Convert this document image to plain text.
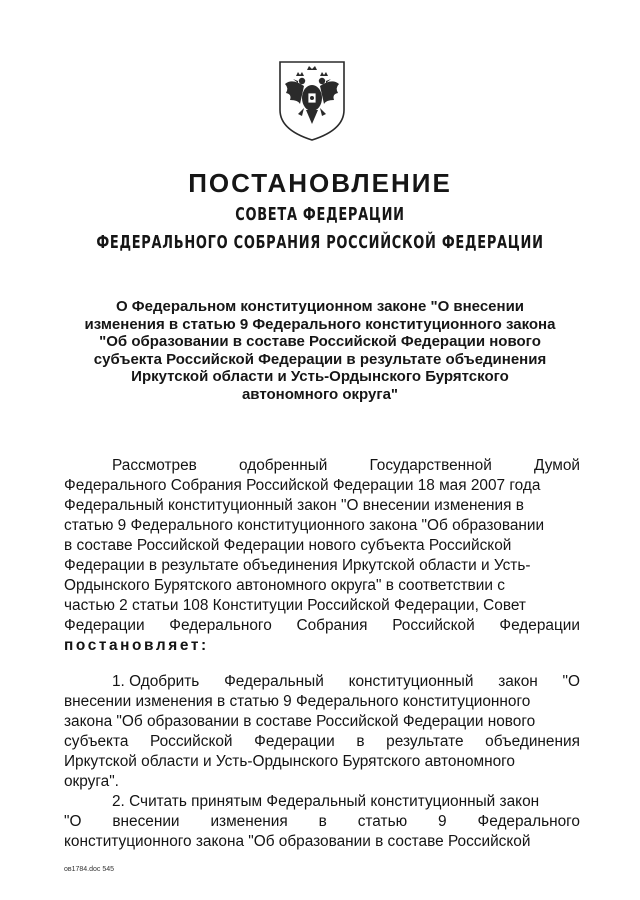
ПОСТАНОВЛЕНИЕ
СОВЕТА ФЕДЕРАЦИИ
ФЕДЕРАЛЬНОГО СОБРАНИЯ РОССИЙСКОЙ ФЕДЕРАЦИИ
О Федеральном конституционном законе "О внесении
изменения в статью 9 Федерального конституционного закона
"Об образовании в составе Российской Федерации нового
субъекта Российской Федерации в результате объединения
Иркутской области и Усть-Ордынского Бурятского
автономного округа"
Рассмотрев	одобренный	Государственной	Думой
Федерального Собрания Российской Федерации 18 мая 2007 года
Федеральный конституционный закон "О внесении изменения в
статью 9 Федерального конституционного закона "Об образовании
в составе Российской Федерации нового субъекта Российской
Федерации в результате объединения Иркутской области и Усть-
Ордынского Бурятского автономного округа" в соответствии с
частью 2 статьи 108 Конституции Российской Федерации, Совет
Федерации Федерального Собрания Российской Федерации
постановляет:
1. Одобрить Федеральный конституционный закон "О
внесении изменения в статью 9 Федерального конституционного
закона "Об образовании в составе Российской Федерации нового
субъекта Российской Федерации в результате объединения
Иркутской области и Усть-Ордынского Бурятского автономного
округа".
2. Считать принятым Федеральный конституционный закон
"О внесении изменения в статью 9 Федерального
конституционного закона "Об образовании в составе Российской
ов1784.doc 545
